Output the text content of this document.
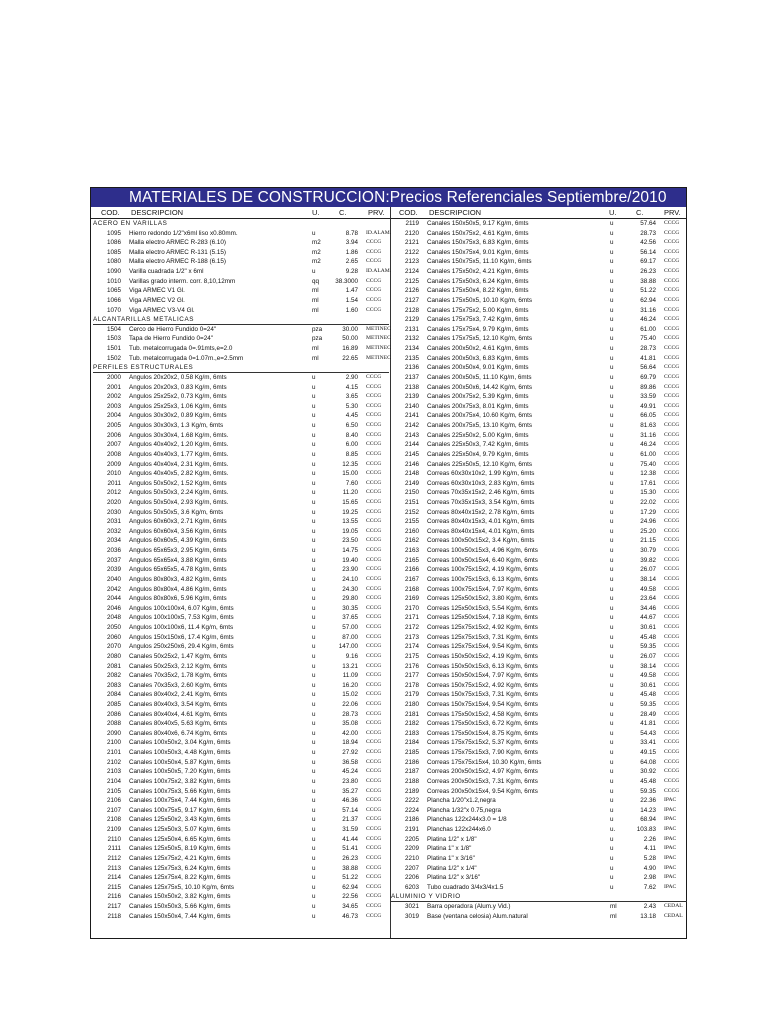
MATERIALES DE CONSTRUCCION:Precios Referenciales Septiembre/2010
COD. DESCRIPCION	U.	C.	PRV. COD. DESCRIPCION	U.	C.	PRV.
ACERO EN VARILLAS
1095 Hierro redondo 1/2"x6ml liso x0.80mm.	u	8.78 ID.ALAM.
1086 Malla electro ARMEC R-283 (6.10)	m2	3.94 CCCG
1085 Malla electro ARMEC R-131 (5.15)	m2	1.86 CCCG
1080 Malla electro ARMEC R-188 (6.15)	m2	2.65 CCCG
1090 Varilla cuadrada 1/2" x 6ml	u	9.28 ID.ALAM.
1010 Varillas grado interm. corr. 8,10,12mm	qq	38.3000 CCCG
1065 Viga ARMEC V1 Gl.	ml	1.47 CCCG
1066 Viga ARMEC V2 Gl.	ml	1.54 CCCG
1070 Viga ARMEC V3-V4 Gl.	ml	1.60 CCCG
ALCANTARILLAS METALICAS
1504 Cerco de Hierro Fundido 0=24"	pza	30.00 METINEC
1503 Tapa de Hierro Fundido 0=24"	pza	50.00 METINEC
1501 Tub. metalcorrugada 0=.91mts,e=2.0	ml	16.89 METINEC
1502 Tub. metalcorrugada 0=1.07m.,e=2.5mm	ml	22.65 METINEC
PERFILES ESTRUCTURALES
2000 Angulos 20x20x2, 0.58 Kg/m, 6mts	u	2.90 CCCG
2001 Angulos 20x20x3, 0.83 Kg/m, 6mts	u	4.15 CCCG
2002 Angulos 25x25x2, 0.73 Kg/m, 6mts	u	3.65 CCCG
2003 Angulos 25x25x3, 1.06 Kg/m, 6mts	u	5.30 CCCG
2004 Angulos 30x30x2, 0.89 Kg/m, 6mts	u	4.45 CCCG
2005 Angulos 30x30x3, 1.3 Kg/m, 6mts	u	6.50 CCCG
2006 Angulos 30x30x4, 1.68 Kg/m, 6mts.	u	8.40 CCCG
2007 Angulos 40x40x2, 1.20 Kg/m, 6mts.	u	6.00 CCCG
2008 Angulos 40x40x3, 1.77 Kg/m, 6mts.	u	8.85 CCCG
2009 Angulos 40x40x4, 2.31 Kg/m, 6mts.	u	12.35 CCCG
2010 Angulos 40x40x5, 2.82 Kg/m, 6mts.	u	15.00 CCCG
2011 Angulos 50x50x2, 1.52 Kg/m, 6mts	u	7.60 CCCG
2012 Angulos 50x50x3, 2.24 Kg/m, 6mts.	u	11.20 CCCG
2020 Angulos 50x50x4, 2.93 Kg/m, 6mts.	u	15.65 CCCG
2030 Angulos 50x50x5, 3.6 Kg/m, 6mts	u	19.25 CCCG
2031 Angulos 60x60x3, 2.71 Kg/m, 6mts	u	13.55 CCCG
2032 Angulos 60x60x4, 3.56 Kg/m, 6mts	u	19.05 CCCG
2034 Angulos 60x60x5, 4.39 Kg/m, 6mts	u	23.50 CCCG
2036 Angulos 65x65x3, 2.95 Kg/m, 6mts	u	14.75 CCCG
2037 Angulos 65x65x4, 3.88 Kg/m, 6mts	u	19.40 CCCG
2039 Angulos 65x65x5, 4.78 Kg/m, 6mts	u	23.90 CCCG
2040 Angulos 80x80x3, 4.82 Kg/m, 6mts	u	24.10 CCCG
2042 Angulos 80x80x4, 4.86 Kg/m, 6mts	u	24.30 CCCG
2044 Angulos 80x80x6, 5.96 Kg/m, 6mts	u	29.80 CCCG
2046 Angulos 100x100x4, 6.07 Kg/m, 6mts	u	30.35 CCCG
2048 Angulos 100x100x5, 7.53 Kg/m, 6mts	u	37.65 CCCG
2050 Angulos 100x100x6, 11.4 Kg/m, 6mts	u	57.00 CCCG
2060 Angulos 150x150x6, 17.4 Kg/m, 6mts	u	87.00 CCCG
2070 Angulos 250x250x6, 29.4 Kg/m, 6mts	u	147.00 CCCG
2080 Canales 50x25x2, 1.47 Kg/m, 6mts	u	9.16 CCCG
2081 Canales 50x25x3, 2.12 Kg/m, 6mts	u	13.21 CCCG
2082 Canales 70x35x2, 1.78 Kg/m, 6mts	u	11.09 CCCG
2083 Canales 70x35x3, 2.60 Kg/m, 6mts	u	16.20 CCCG
2084 Canales 80x40x2, 2.41 Kg/m, 6mts	u	15.02 CCCG
2085 Canales 80x40x3, 3.54 Kg/m, 6mts	u	22.06 CCCG
2086 Canales 80x40x4, 4.61 Kg/m, 6mts	u	28.73 CCCG
2088 Canales 80x40x5, 5.63 Kg/m, 6mts	u	35.08 CCCG
2090 Canales 80x40x6, 6.74 Kg/m, 6mts	u	42.00 CCCG
2100 Canales 100x50x2, 3.04 Kg/m, 6mts	u	18.94 CCCG
2101 Canales 100x50x3, 4.48 Kg/m, 6mts	u	27.92 CCCG
2102 Canales 100x50x4, 5.87 Kg/m, 6mts	u	36.58 CCCG
2103 Canales 100x50x5, 7.20 Kg/m, 6mts	u	45.24 CCCG
2104 Canales 100x75x2, 3.82 Kg/m, 6mts	u	23.80 CCCG
2105 Canales 100x75x3, 5.66 Kg/m, 6mts	u	35.27 CCCG
2106 Canales 100x75x4, 7.44 Kg/m, 6mts	u	46.36 CCCG
2107 Canales 100x75x5, 9.17 Kg/m, 6mts	u	57.14 CCCG
2108 Canales 125x50x2, 3.43 Kg/m, 6mts	u	21.37 CCCG
2109 Canales 125x50x3, 5.07 Kg/m, 6mts	u	31.59 CCCG
2110 Canales 125x50x4, 6.65 Kg/m, 6mts	u	41.44 CCCG
2111 Canales 125x50x5, 8.19 Kg/m, 6mts	u	51.41 CCCG
2112 Canales 125x75x2, 4.21 Kg/m, 6mts	u	26.23 CCCG
2113 Canales 125x75x3, 6.24 Kg/m, 6mts	u	38.88 CCCG
2114 Canales 125x75x4, 8.22 Kg/m, 6mts	u	51.22 CCCG
2115 Canales 125x75x5, 10.10 Kg/m, 6mts	u	62.94 CCCG
2116 Canales 150x50x2, 3.82 Kg/m, 6mts	u	22.56 CCCG
2117 Canales 150x50x3, 5.66 Kg/m, 6mts	u	34.65 CCCG
2118 Canales 150x50x4, 7.44 Kg/m, 6mts	u	46.73 CCCG
2119 Canales 150x50x5, 9.17 Kg/m, 6mts	u	57.64 CCCG
2120 Canales 150x75x2, 4.61 Kg/m, 6mts	u	28.73 CCCG
2121 Canales 150x75x3, 6.83 Kg/m, 6mts	u	42.56 CCCG
2122 Canales 150x75x4, 9.01 Kg/m, 6mts	u	56.14 CCCG
2123 Canales 150x75x5, 11.10 Kg/m, 6mts	u	69.17 CCCG
2124 Canales 175x50x2, 4.21 Kg/m, 6mts	u	26.23 CCCG
2125 Canales 175x50x3, 6.24 Kg/m, 6mts	u	38.88 CCCG
2126 Canales 175x50x4, 8.22 Kg/m, 6mts	u	51.22 CCCG
2127 Canales 175x50x5, 10.10 Kg/m, 6mts	u	62.94 CCCG
2128 Canales 175x75x2, 5.00 Kg/m, 6mts	u	31.16 CCCG
2129 Canales 175x75x3, 7.42 Kg/m, 6mts	u	46.24 CCCG
2131 Canales 175x75x4, 9.79 Kg/m, 6mts	u	61.00 CCCG
2132 Canales 175x75x5, 12.10 Kg/m, 6mts	u	75.40 CCCG
2134 Canales 200x50x2, 4.61 Kg/m, 6mts	u	28.73 CCCG
2135 Canales 200x50x3, 6.83 Kg/m, 6mts	u	41.81 CCCG
2136 Canales 200x50x4, 9.01 Kg/m, 6mts	u	56.64 CCCG
2137 Canales 200x50x5, 11.10 Kg/m, 6mts	u	69.79 CCCG
2138 Canales 200x50x6, 14.42 Kg/m, 6mts	u	89.86 CCCG
2139 Canales 200x75x2, 5.39 Kg/m, 6mts	u	33.59 CCCG
2140 Canales 200x75x3, 8.01 Kg/m, 6mts	u	49.91 CCCG
2141 Canales 200x75x4, 10.60 Kg/m, 6mts	u	66.05 CCCG
2142 Canales 200x75x5, 13.10 Kg/m, 6mts	u	81.63 CCCG
2143 Canales 225x50x2, 5.00 Kg/m, 6mts	u	31.16 CCCG
2144 Canales 225x50x3, 7.42 Kg/m, 6mts	u	46.24 CCCG
2145 Canales 225x50x4, 9.79 Kg/m, 6mts	u	61.00 CCCG
2146 Canales 225x50x5, 12.10 Kg/m, 6mts	u	75.40 CCCG
2148 Correas 60x30x10x2, 1.99 Kg/m, 6mts	u	12.38 CCCG
2149 Correas 60x30x10x3, 2.83 Kg/m, 6mts	u	17.61 CCCG
2150 Correas 70x35x15x2, 2.46 Kg/m, 6mts	u	15.30 CCCG
2151 Correas 70x35x15x3, 3.54 Kg/m, 6mts	u	22.02 CCCG
2152 Correas 80x40x15x2, 2.78 Kg/m, 6mts	u	17.29 CCCG
2155 Correas 80x40x15x3, 4.01 Kg/m, 6mts	u	24.96 CCCG
2160 Correas 80x40x15x4, 4.01 Kg/m, 6mts	u	25.20 CCCG
2162 Correas 100x50x15x2, 3.4 Kg/m, 6mts	u	21.15 CCCG
2163 Correas 100x50x15x3, 4.96 Kg/m, 6mts	u	30.79 CCCG
2165 Correas 100x50x15x4, 6.40 Kg/m, 6mts	u	39.82 CCCG
2166 Correas 100x75x15x2, 4.19 Kg/m, 6mts	u	26.07 CCCG
2167 Correas 100x75x15x3, 6.13 Kg/m, 6mts	u	38.14 CCCG
2168 Correas 100x75x15x4, 7.97 Kg/m, 6mts	u	49.58 CCCG
2169 Correas 125x50x15x2, 3.80 Kg/m, 6mts	u	23.64 CCCG
2170 Correas 125x50x15x3, 5.54 Kg/m, 6mts	u	34.46 CCCG
2171 Correas 125x50x15x4, 7.18 Kg/m, 6mts	u	44.67 CCCG
2172 Correas 125x75x15x2, 4.92 Kg/m, 6mts	u	30.61 CCCG
2173 Correas 125x75x15x3, 7.31 Kg/m, 6mts	u	45.48 CCCG
2174 Correas 125x75x15x4, 9.54 Kg/m, 6mts	u	59.35 CCCG
2175 Correas 150x50x15x2, 4.19 Kg/m, 6mts	u	26.07 CCCG
2176 Correas 150x50x15x3, 6.13 Kg/m, 6mts	u	38.14 CCCG
2177 Correas 150x50x15x4, 7.97 Kg/m, 6mts	u	49.58 CCCG
2178 Correas 150x75x15x2, 4.92 Kg/m, 6mts	u	30.61 CCCG
2179 Correas 150x75x15x3, 7.31 Kg/m, 6mts	u	45.48 CCCG
2180 Correas 150x75x15x4, 9.54 Kg/m, 6mts	u	59.35 CCCG
2181 Correas 175x50x15x2, 4.58 Kg/m, 6mts	u	28.49 CCCG
2182 Correas 175x50x15x3, 6.72 Kg/m, 6mts	u	41.81 CCCG
2183 Correas 175x50x15x4, 8.75 Kg/m, 6mts	u	54.43 CCCG
2184 Correas 175x75x15x2, 5.37 Kg/m, 6mts	u	33.41 CCCG
2185 Correas 175x75x15x3, 7.90 Kg/m, 6mts	u	49.15 CCCG
2186 Correas 175x75x15x4, 10.30 Kg/m, 6mts	u	64.08 CCCG
2187 Correas 200x50x15x2, 4.97 Kg/m, 6mts	u	30.92 CCCG
2188 Correas 200x50x15x3, 7.31 Kg/m, 6mts	u	45.48 CCCG
2189 Correas 200x50x15x4, 9.54 Kg/m, 6mts	u	59.35 CCCG
2222 Plancha 1/20"x1.2,negra	u	22.36 IPAC
2224 Plancha 1/32"x 0.75,negra	u	14.23 IPAC
2186 Planchas 122x244x3.0 = 1/8	u	68.94 IPAC
2191 Planchas 122x244x6.0	u.	103.83 IPAC
2205 Platina 1/2" x 1/8"	u	2.26 IPAC
2209 Platina 1" x 1/8"	u	4.11 IPAC
2210 Platina 1" x 3/16"	u	5.28 IPAC
2207 Platina 1/2" x 1/4"	u	4.90 IPAC
2206 Platina 1/2" x 3/16"	u	2.98 IPAC
6203 Tubo cuadrado 3/4x3/4x1.5	u	7.62 IPAC
ALUMINIO Y VIDRIO
3021 Barra operadora (Alum.y Vid.)	ml	2.43 CEDAL
3019 Base (ventana celosia) Alum.natural	ml	13.18 CEDAL
